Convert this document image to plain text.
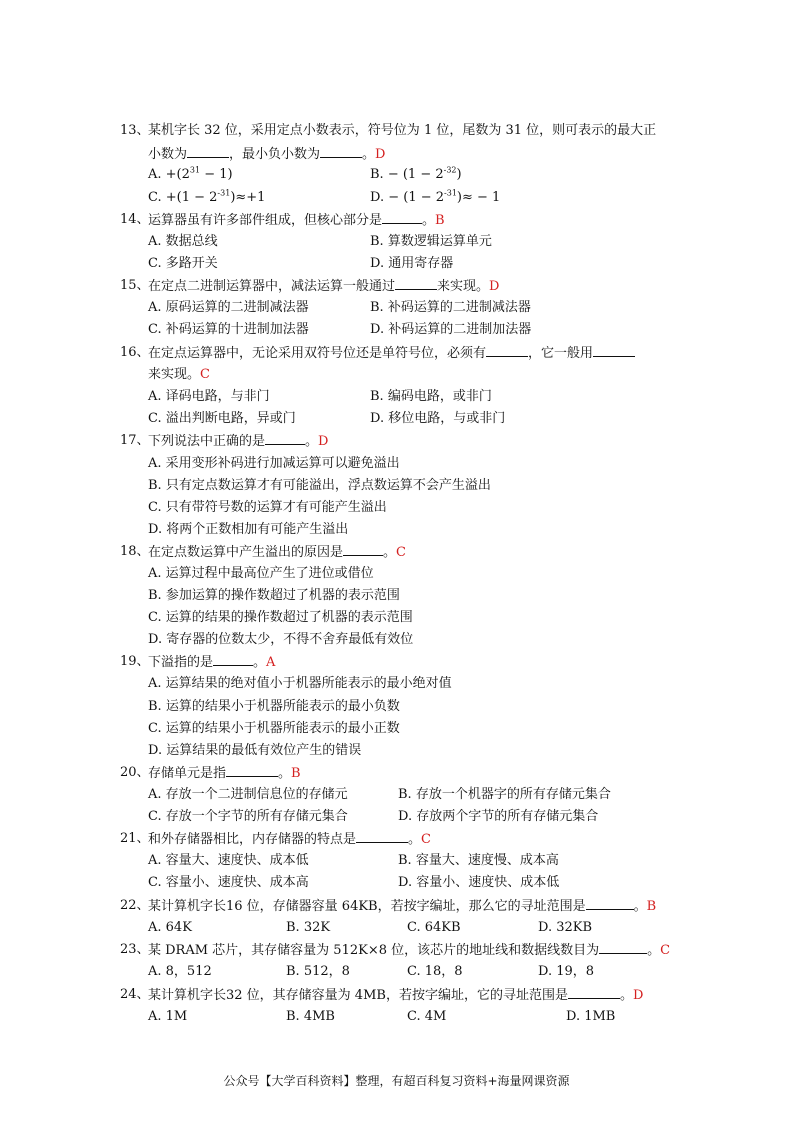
13、
某机字长 32 位，采用定点小数表示，符号位为 1 位，尾数为 31 位，则可表示的最大正
小数为	，最小负小数为	。D
A. $+(2^{31} - 1)$	B. − $(1 - 2^{-32})$
C. $+(1 - 2^{-31})\approx+1$	D. − $(1 - 2^{-31})\approx - 1$
14、
运算器虽有许多部件组成，但核心部分是	。B
A. 数据总线	B. 算数逻辑运算单元
C. 多路开关	D. 通用寄存器
15、
在定点二进制运算器中，减法运算一般通过	来实现。D
A. 原码运算的二进制减法器	B. 补码运算的二进制减法器
C. 补码运算的十进制加法器	D. 补码运算的二进制加法器
16、
在定点运算器中，无论采用双符号位还是单符号位，必须有	，它一般用
来实现。C
A. 译码电路，与非门	B. 编码电路，或非门
C. 溢出判断电路，异或门	D. 移位电路，与或非门
17、
下列说法中正确的是	。D
A. 采用变形补码进行加减运算可以避免溢出
B. 只有定点数运算才有可能溢出，浮点数运算不会产生溢出
C. 只有带符号数的运算才有可能产生溢出
D. 将两个正数相加有可能产生溢出
18、
在定点数运算中产生溢出的原因是	。C
A. 运算过程中最高位产生了进位或借位
B. 参加运算的操作数超过了机器的表示范围
C. 运算的结果的操作数超过了机器的表示范围
D. 寄存器的位数太少，不得不舍弃最低有效位
19、
下溢指的是	。A
A. 运算结果的绝对值小于机器所能表示的最小绝对值
B. 运算的结果小于机器所能表示的最小负数
C. 运算的结果小于机器所能表示的最小正数
D. 运算结果的最低有效位产生的错误
20、
存储单元是指	。B
A. 存放一个二进制信息位的存储元	B. 存放一个机器字的所有存储元集合
C. 存放一个字节的所有存储元集合	D. 存放两个字节的所有存储元集合
21、
和外存储器相比，内存储器的特点是	。C
A. 容量大、速度快、成本低	B. 容量大、速度慢、成本高
C. 容量小、速度快、成本高	D. 容量小、速度快、成本低
22、
某计算机字长16 位，存储器容量 64KB，若按字编址，那么它的寻址范围是	。B
A. 64K	B. 32K	C. 64KB	D. 32KB
23、
某 DRAM 芯片，其存储容量为 512K×8 位，该芯片的地址线和数据线数目为	。C
A. 8，512	B. 512，8	C. 18，8	D. 19，8
24、
某计算机字长32 位，其存储容量为 4MB，若按字编址，它的寻址范围是	。D
A. 1M	B. 4MB	C. 4M	D. 1MB
公众号【大学百科资料】整理，有超百科复习资料+海量网课资源
